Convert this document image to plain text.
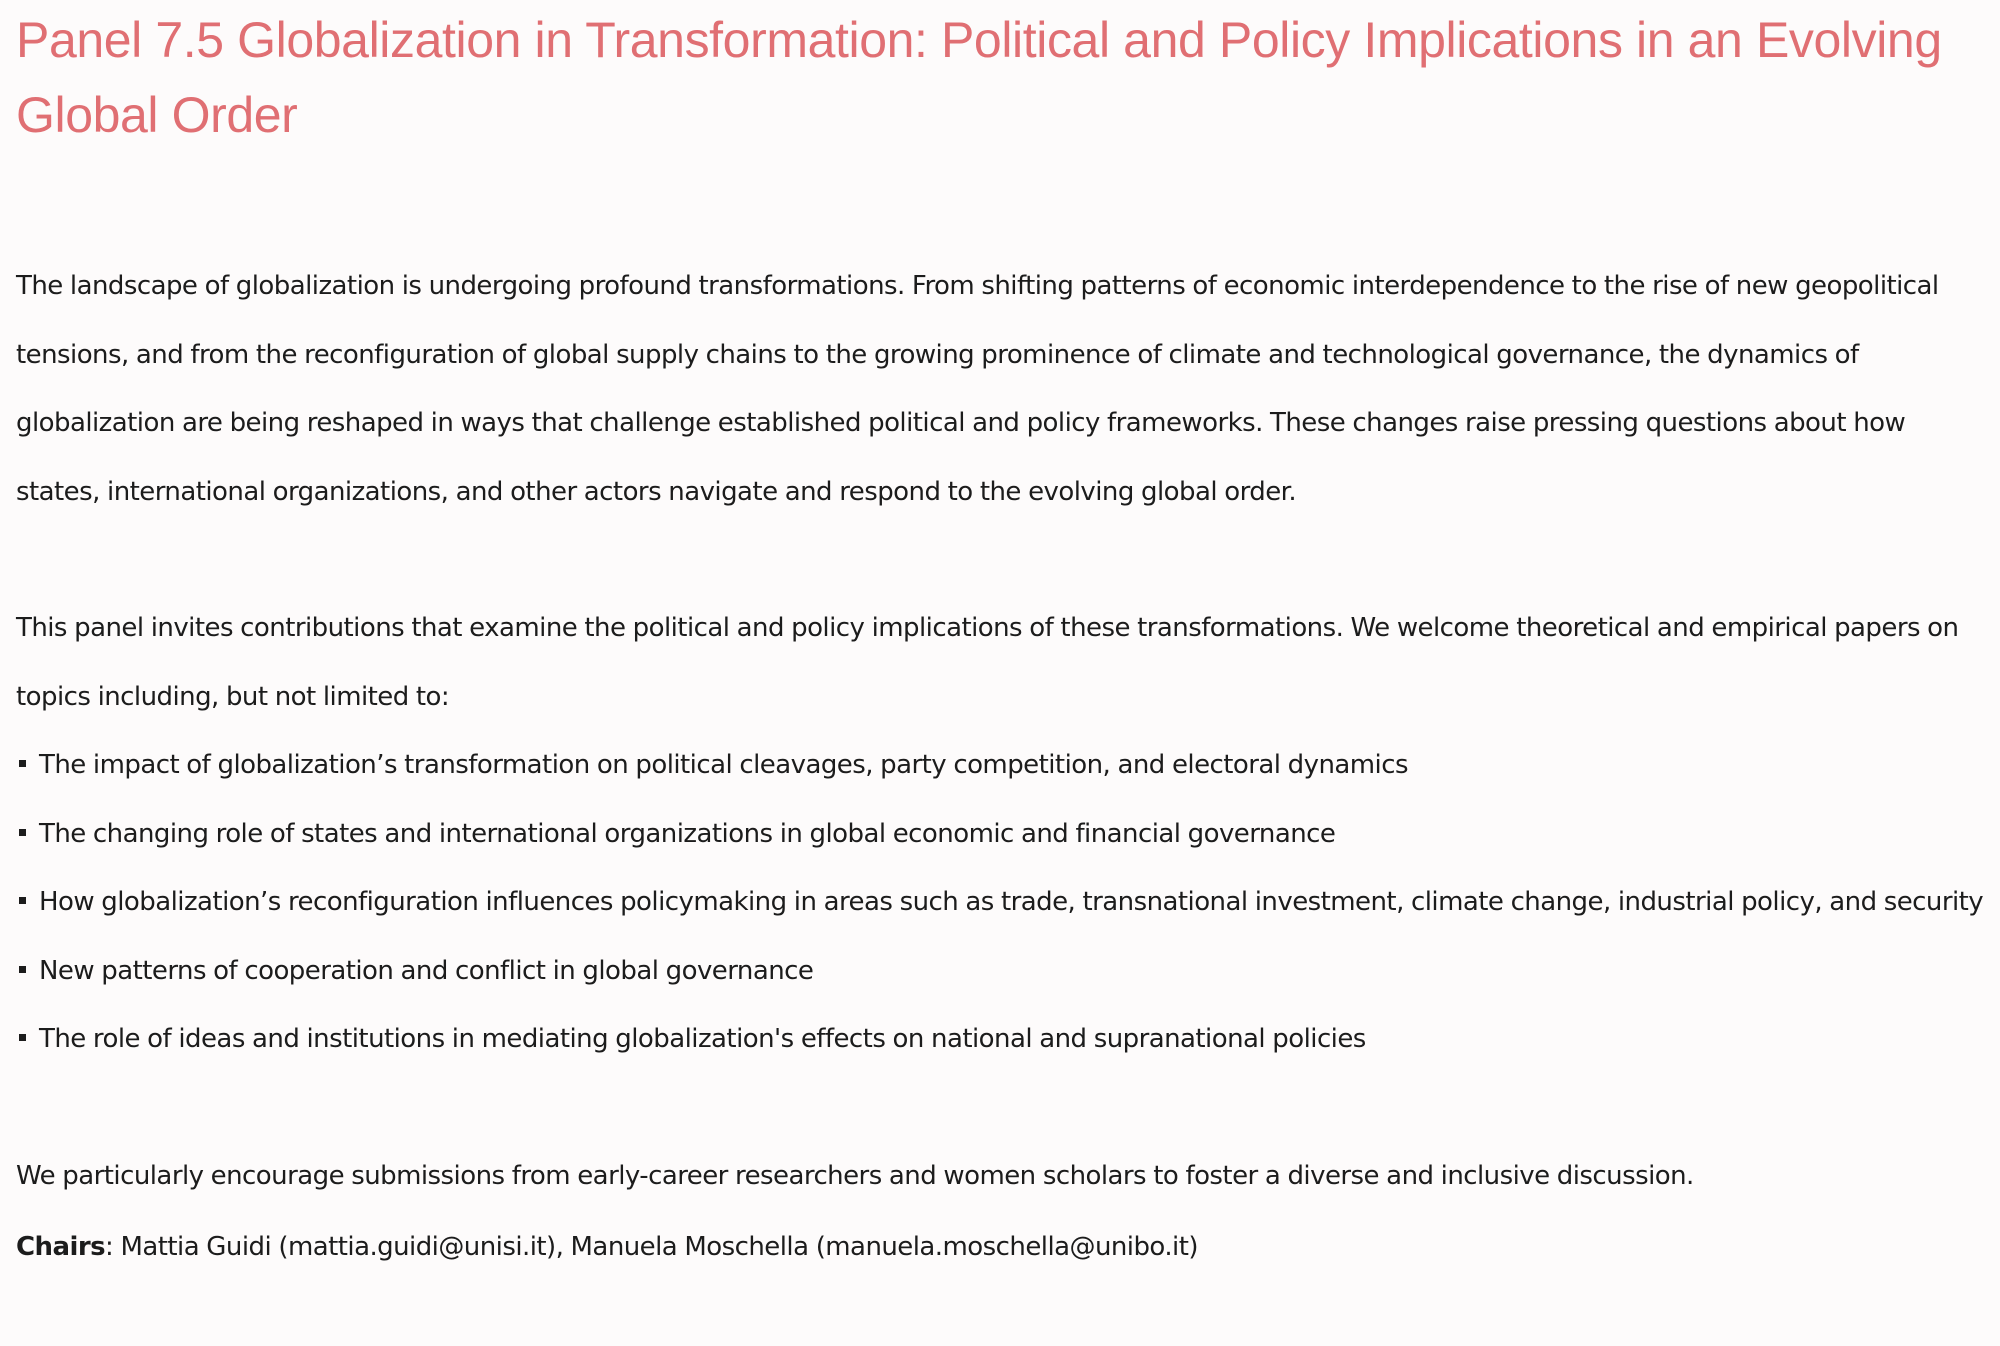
Panel 7.5 Globalization in Transformation: Political and Policy Implications in an Evolving Global Order

The landscape of globalization is undergoing profound transformations. From shifting patterns of economic interdependence to the rise of new geopolitical tensions, and from the reconfiguration of global supply chains to the growing prominence of climate and technological governance, the dynamics of globalization are being reshaped in ways that challenge established political and policy frameworks. These changes raise pressing questions about how states, international organizations, and other actors navigate and respond to the evolving global order.

This panel invites contributions that examine the political and policy implications of these transformations. We welcome theoretical and empirical papers on topics including, but not limited to:

The impact of globalization’s transformation on political cleavages, party competition, and electoral dynamics
The changing role of states and international organizations in global economic and financial governance
How globalization’s reconfiguration influences policymaking in areas such as trade, transnational investment, climate change, industrial policy, and security
New patterns of cooperation and conflict in global governance
The role of ideas and institutions in mediating globalization's effects on national and supranational policies

We particularly encourage submissions from early-career researchers and women scholars to foster a diverse and inclusive discussion.

Chairs: Mattia Guidi (mattia.guidi@unisi.it), Manuela Moschella (manuela.moschella@unibo.it)
